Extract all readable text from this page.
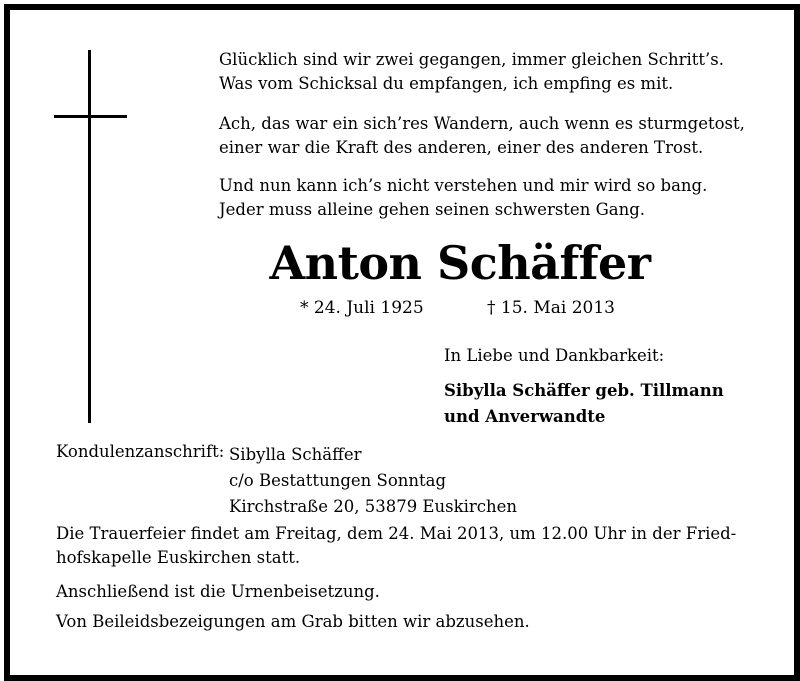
Glücklich sind wir zwei gegangen, immer gleichen Schritt’s.
Was vom Schicksal du empfangen, ich empfing es mit.
Ach, das war ein sich’res Wandern, auch wenn es sturmgetost,
einer war die Kraft des anderen, einer des anderen Trost.
Und nun kann ich’s nicht verstehen und mir wird so bang.
Jeder muss alleine gehen seinen schwersten Gang.
Anton Schäffer
* 24. Juli 1925	† 15. Mai 2013
In Liebe und Dankbarkeit:
Sibylla Schäffer geb. Tillmann
und Anverwandte
Kondulenzanschrift: Sibylla Schäffer
c/o Bestattungen Sonntag
Kirchstraße 20, 53879 Euskirchen
Die Trauerfeier findet am Freitag, dem 24. Mai 2013, um 12.00 Uhr in der Fried-
hofskapelle Euskirchen statt.
Anschließend ist die Urnenbeisetzung.
Von Beileidsbezeigungen am Grab bitten wir abzusehen.
